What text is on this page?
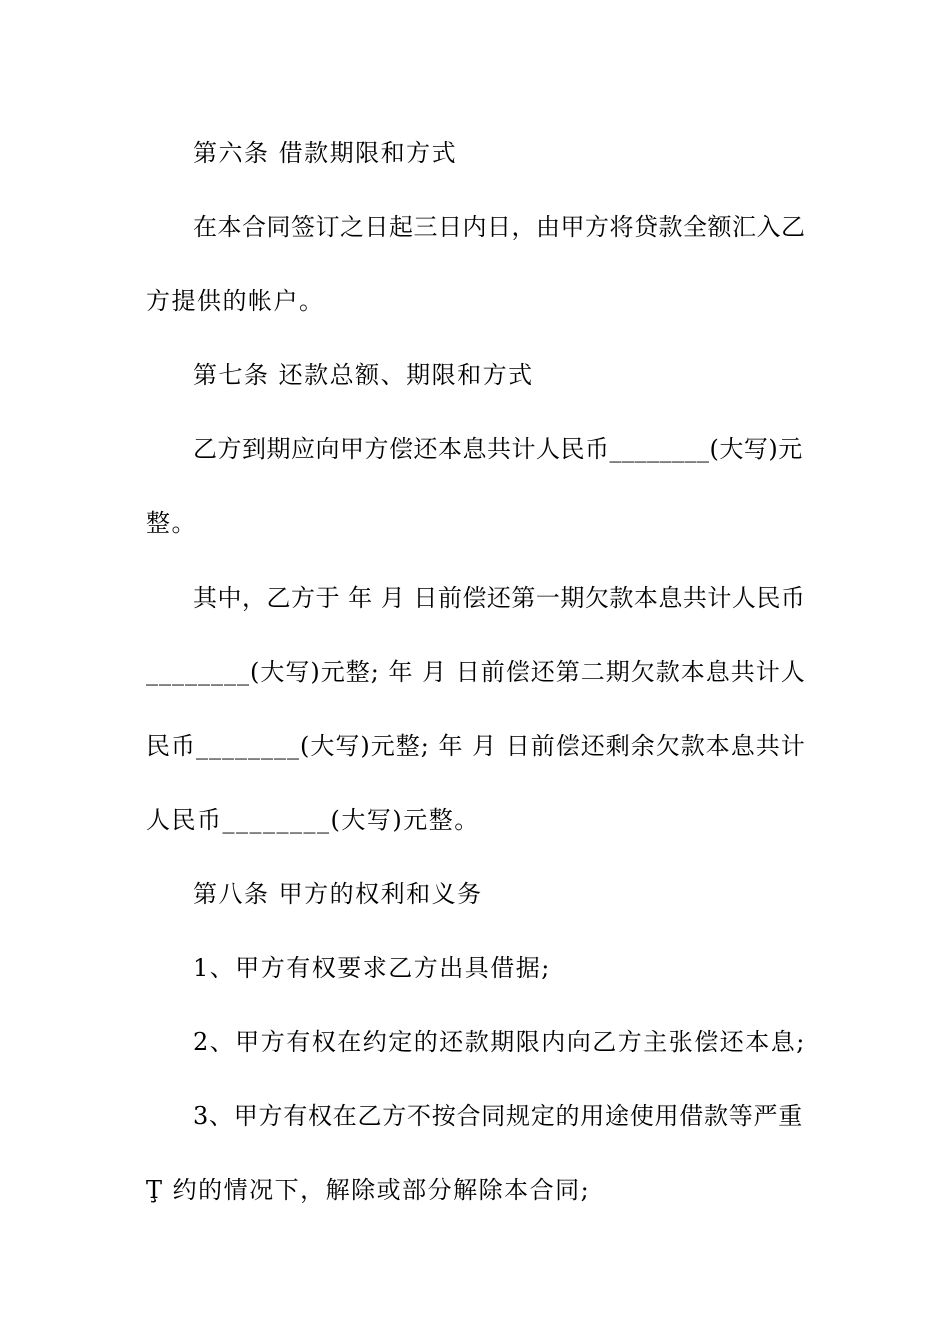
第六条 借款期限和方式
在本合同签订之日起三日内日，由甲方将贷款全额汇入乙
方提供的帐户。
第七条 还款总额、期限和方式
乙方到期应向甲方偿还本息共计人民币________(大写)元
整。
其中，乙方于 年 月 日前偿还第一期欠款本息共计人民币
________(大写)元整; 年 月 日前偿还第二期欠款本息共计人
民币________(大写)元整; 年 月 日前偿还剩余欠款本息共计
人民币________(大写)元整。
第八条 甲方的权利和义务
1、甲方有权要求乙方出具借据;
2、甲方有权在约定的还款期限内向乙方主张偿还本息;
3、甲方有权在乙方不按合同规定的用途使用借款等严重
Ţ 约的情况下，解除或部分解除本合同;
